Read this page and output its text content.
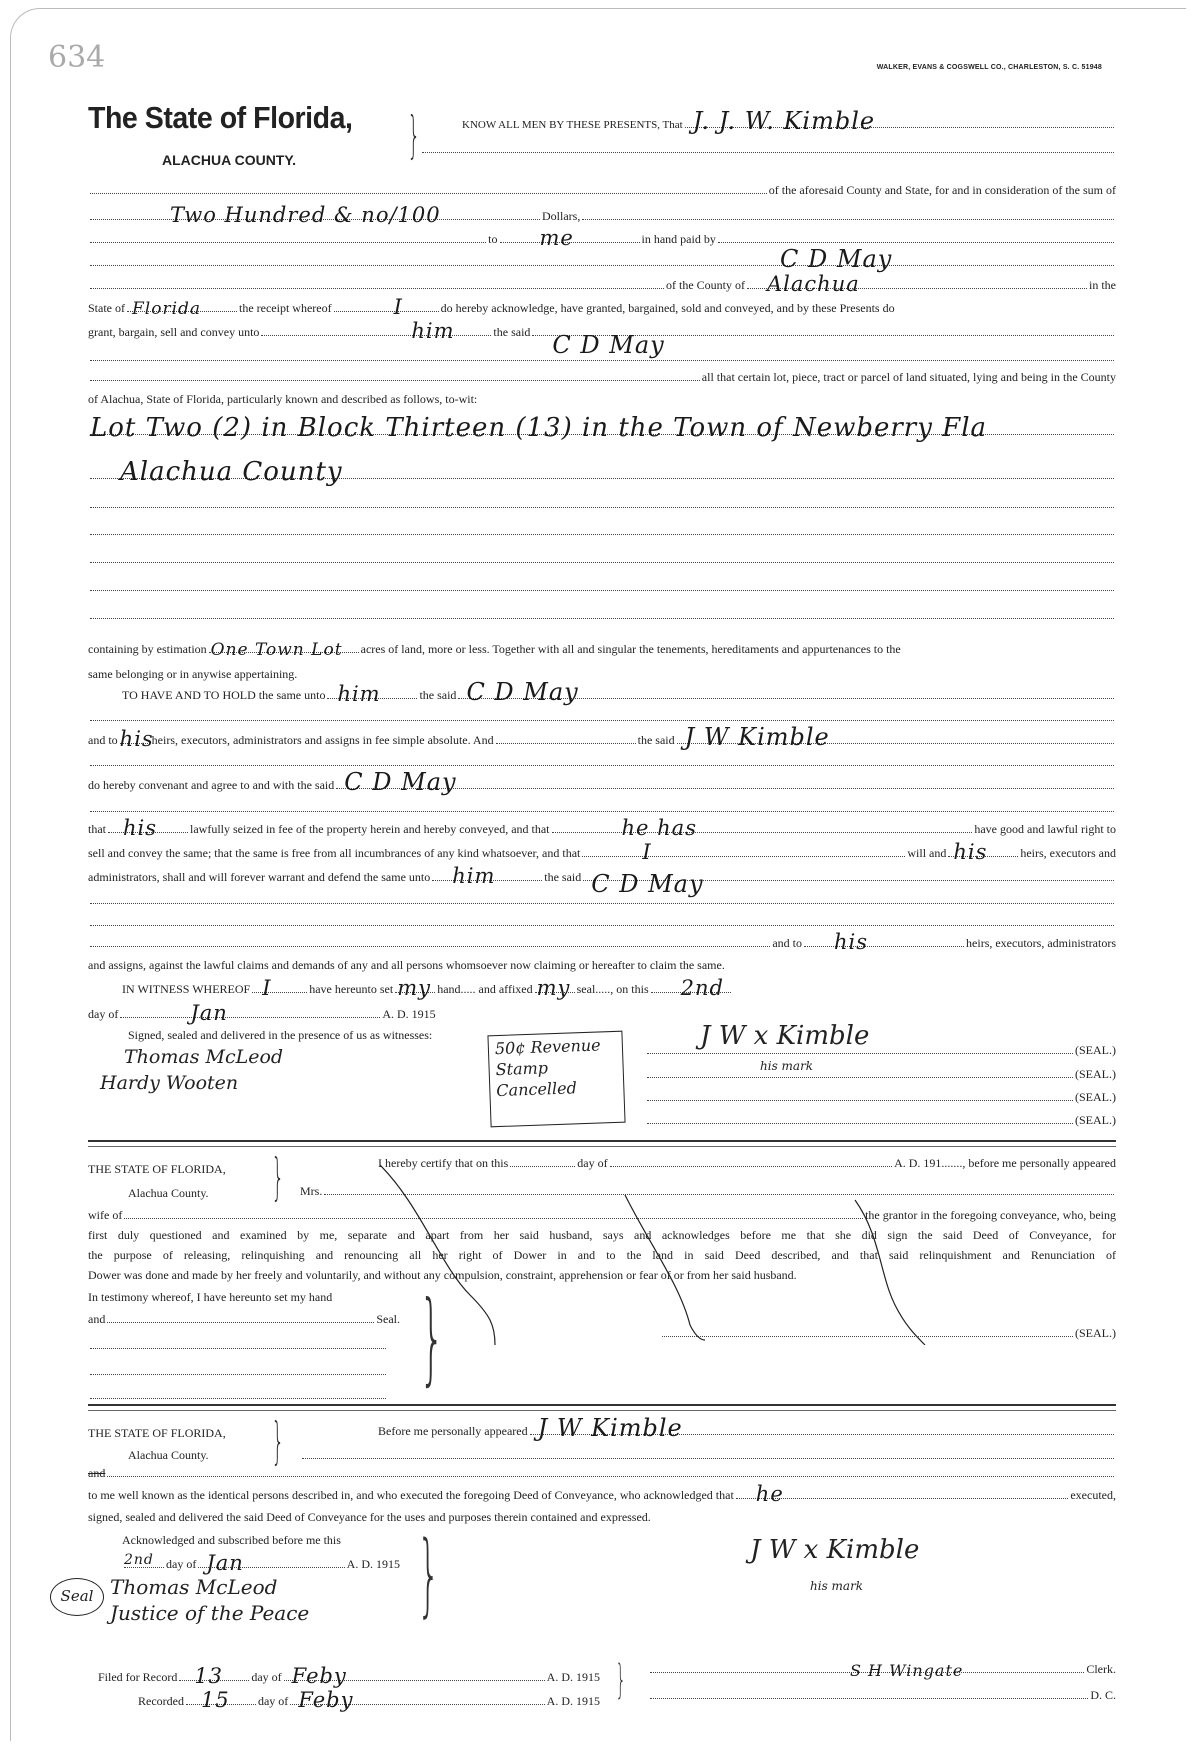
634	WALKER, EVANS & COGSWELL CO., CHARLESTON, S. C. 51948
The State of Florida,
ALACHUA COUNTY. }	KNOW ALL MEN BY THESE PRESENTS, That J. J. W. Kimble
of the aforesaid County and State, for and in consideration of the sum of
Two Hundred & no/100	Dollars,
to me	in hand paid by
C D May
of the County of Alachua	in the
State of Florida	the receipt whereof	I	do hereby acknowledge, have granted, bargained, sold and conveyed, and by these Presents do
grant, bargain, sell and convey unto	him	the said C D May
all that certain lot, piece, tract or parcel of land situated, lying and being in the County
of Alachua, State of Florida, particularly known and described as follows, to-wit:
Lot Two (2) in Block Thirteen (13) in the Town of Newberry Fla
Alachua County
containing by estimation One Town Lot acres of land, more or less. Together with all and singular the tenements, hereditaments and appurtenances to the
same belonging or in anywise appertaining.
TO HAVE AND TO HOLD the same unto him	the said C D May
and to his
heirs, executors, administrators and assigns in fee simple absolute. And	the said J W Kimble
do hereby convenant and agree to and with the said C D May
that his	lawfully seized in fee of the property herein and hereby conveyed, and that	he has	have good and lawful right to
sell and convey the same; that the same is free from all incumbrances of any kind whatsoever, and that	I	will and his	heirs, executors and
administrators, shall and will forever warrant and defend the same unto him	the said C D May
and to his	heirs, executors, administrators
and assigns, against the lawful claims and demands of any and all persons whomsoever now claiming or hereafter to claim the same.
IN WITNESS WHEREOF I	have hereunto set my hand..... and affixed my seal....., on this 2nd
day of	Jan	A. D. 1915
Signed, sealed and delivered in the presence of us as witnesses:
Thomas McLeod
Hardy Wooten
50¢ Revenue Stamp Cancelled
J W x Kimble
his mark
(SEAL.)
(SEAL.)
(SEAL.)
(SEAL.)
THE STATE OF FLORIDA,
Alachua County. }	I hereby certify that on this	day of	A. D. 191......., before me personally appeared
Mrs.
wife of	the grantor in the foregoing conveyance, who, being
first duly questioned and examined by me, separate and apart from her said husband, says and acknowledges before me that she did sign the said Deed of Conveyance, for
the purpose of releasing, relinquishing and renouncing all her right of Dower in and to the land in said Deed described, and that said relinquishment and Renunciation of
Dower was done and made by her freely and voluntarily, and without any compulsion, constraint, apprehension or fear of or from her said husband.
In testimony whereof, I have hereunto set my hand
and	Seal. }	(SEAL.)
THE STATE OF FLORIDA,
Alachua County. }	Before me personally appeared J W Kimble
and
to me well known as the identical persons described in, and who executed the foregoing Deed of Conveyance, who acknowledged that he	executed,
signed, sealed and delivered the said Deed of Conveyance for the uses and purposes therein contained and expressed.
Acknowledged and subscribed before me this
2nd day of Jan	A. D. 1915
Seal Thomas McLeod
Justice of the Peace }	J W x Kimble
his mark
Filed for Record 13 day of Feby	A. D. 1915
Recorded 15 day of Feby	A. D. 1915 }	S H Wingate	Clerk.
D. C.
